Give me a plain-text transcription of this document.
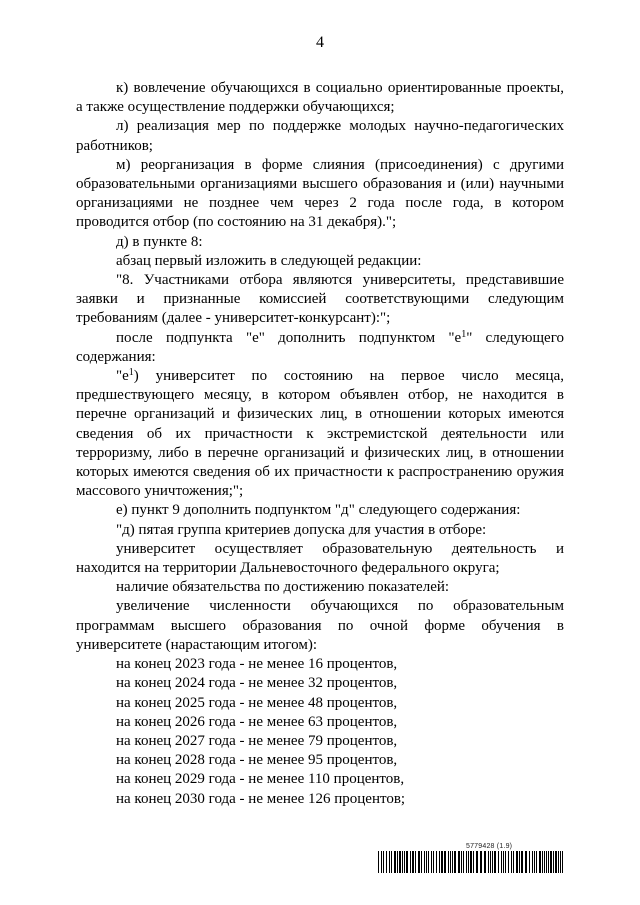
4

к) вовлечение обучающихся в социально ориентированные проекты, а также осуществление поддержки обучающихся;

л) реализация мер по поддержке молодых научно-педагогических работников;

м) реорганизация в форме слияния (присоединения) с другими образовательными организациями высшего образования и (или) научными организациями не позднее чем через 2 года после года, в котором проводится отбор (по состоянию на 31 декабря).";

д) в пункте 8:

абзац первый изложить в следующей редакции:

"8. Участниками отбора являются университеты, представившие заявки и признанные комиссией соответствующими следующим требованиям (далее - университет-конкурсант):";

после подпункта "е" дополнить подпунктом "$е^1$" следующего содержания:

"$е^1$) университет по состоянию на первое число месяца, предшествующего месяцу, в котором объявлен отбор, не находится в перечне организаций и физических лиц, в отношении которых имеются сведения об их причастности к экстремистской деятельности или терроризму, либо в перечне организаций и физических лиц, в отношении которых имеются сведения об их причастности к распространению оружия массового уничтожения;";

е) пункт 9 дополнить подпунктом "д" следующего содержания:

"д) пятая группа критериев допуска для участия в отборе:

университет осуществляет образовательную деятельность и находится на территории Дальневосточного федерального округа;

наличие обязательства по достижению показателей:

увеличение численности обучающихся по образовательным программам высшего образования по очной форме обучения в университете (нарастающим итогом):

на конец 2023 года - не менее 16 процентов,

на конец 2024 года - не менее 32 процентов,

на конец 2025 года - не менее 48 процентов,

на конец 2026 года - не менее 63 процентов,

на конец 2027 года - не менее 79 процентов,

на конец 2028 года - не менее 95 процентов,

на конец 2029 года - не менее 110 процентов,

на конец 2030 года - не менее 126 процентов;

5779428 (1.9)
